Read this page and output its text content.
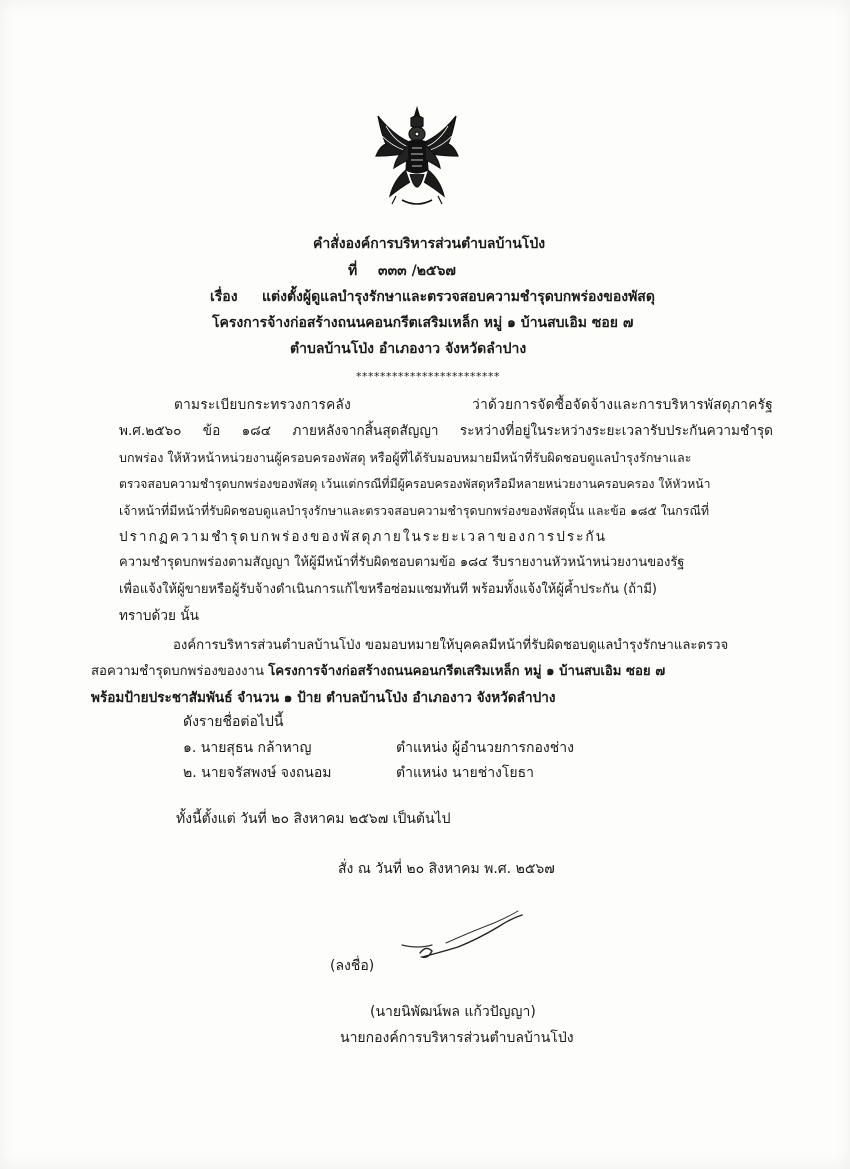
คำสั่งองค์การบริหารส่วนตำบลบ้านโป่ง
ที่ ๓๓๓ /๒๕๖๗
เรื่อง แต่งตั้งผู้ดูแลบำรุงรักษาและตรวจสอบความชำรุดบกพร่องของพัสดุ
โครงการจ้างก่อสร้างถนนคอนกรีตเสริมเหล็ก หมู่ ๑ บ้านสบเอิม ซอย ๗
ตำบลบ้านโป่ง อำเภองาว จังหวัดลำปาง
************************
ตามระเบียบกระทรวงการคลัง ว่าด้วยการจัดซื้อจัดจ้างและการบริหารพัสดุภาครัฐ
พ.ศ.๒๕๖๐ ข้อ ๑๘๔ ภายหลังจากสิ้นสุดสัญญา ระหว่างที่อยู่ในระหว่างระยะเวลารับประกันความชำรุด
บกพร่อง ให้หัวหน้าหน่วยงานผู้ครอบครองพัสดุ หรือผู้ที่ได้รับมอบหมายมีหน้าที่รับผิดชอบดูแลบำรุงรักษาและ
ตรวจสอบความชำรุดบกพร่องของพัสดุ เว้นแต่กรณีที่มีผู้ครอบครองพัสดุหรือมีหลายหน่วยงานครอบครอง ให้หัวหน้า
เจ้าหน้าที่มีหน้าที่รับผิดชอบดูแลบำรุงรักษาและตรวจสอบความชำรุดบกพร่องของพัสดุนั้น และข้อ ๑๘๕ ในกรณีที่
ปรากฏความชำรุดบกพร่องของพัสดุภายในระยะเวลาของการประกัน
ความชำรุดบกพร่องตามสัญญา ให้ผู้มีหน้าที่รับผิดชอบตามข้อ ๑๘๔ รีบรายงานหัวหน้าหน่วยงานของรัฐ
เพื่อแจ้งให้ผู้ขายหรือผู้รับจ้างดำเนินการแก้ไขหรือซ่อมแซมทันที พร้อมทั้งแจ้งให้ผู้ค้ำประกัน (ถ้ามี)
ทราบด้วย นั้น
องค์การบริหารส่วนตำบลบ้านโป่ง ขอมอบหมายให้บุคคลมีหน้าที่รับผิดชอบดูแลบำรุงรักษาและตรวจ
สอความชำรุดบกพร่องของงาน โครงการจ้างก่อสร้างถนนคอนกรีตเสริมเหล็ก หมู่ ๑ บ้านสบเอิม ซอย ๗
พร้อมป้ายประชาสัมพันธ์ จำนวน ๑ ป้าย ตำบลบ้านโป่ง อำเภองาว จังหวัดลำปาง
ดังรายชื่อต่อไปนี้
๑. นายสุธน กล้าหาญ	ตำแหน่ง ผู้อำนวยการกองช่าง
๒. นายจรัสพงษ์ จงถนอม	ตำแหน่ง นายช่างโยธา
ทั้งนี้ตั้งแต่ วันที่ ๒๐ สิงหาคม ๒๕๖๗ เป็นต้นไป
สั่ง ณ วันที่ ๒๐ สิงหาคม พ.ศ. ๒๕๖๗
(ลงชื่อ)
(นายนิพัฒน์พล แก้วปัญญา)
นายกองค์การบริหารส่วนตำบลบ้านโป่ง
